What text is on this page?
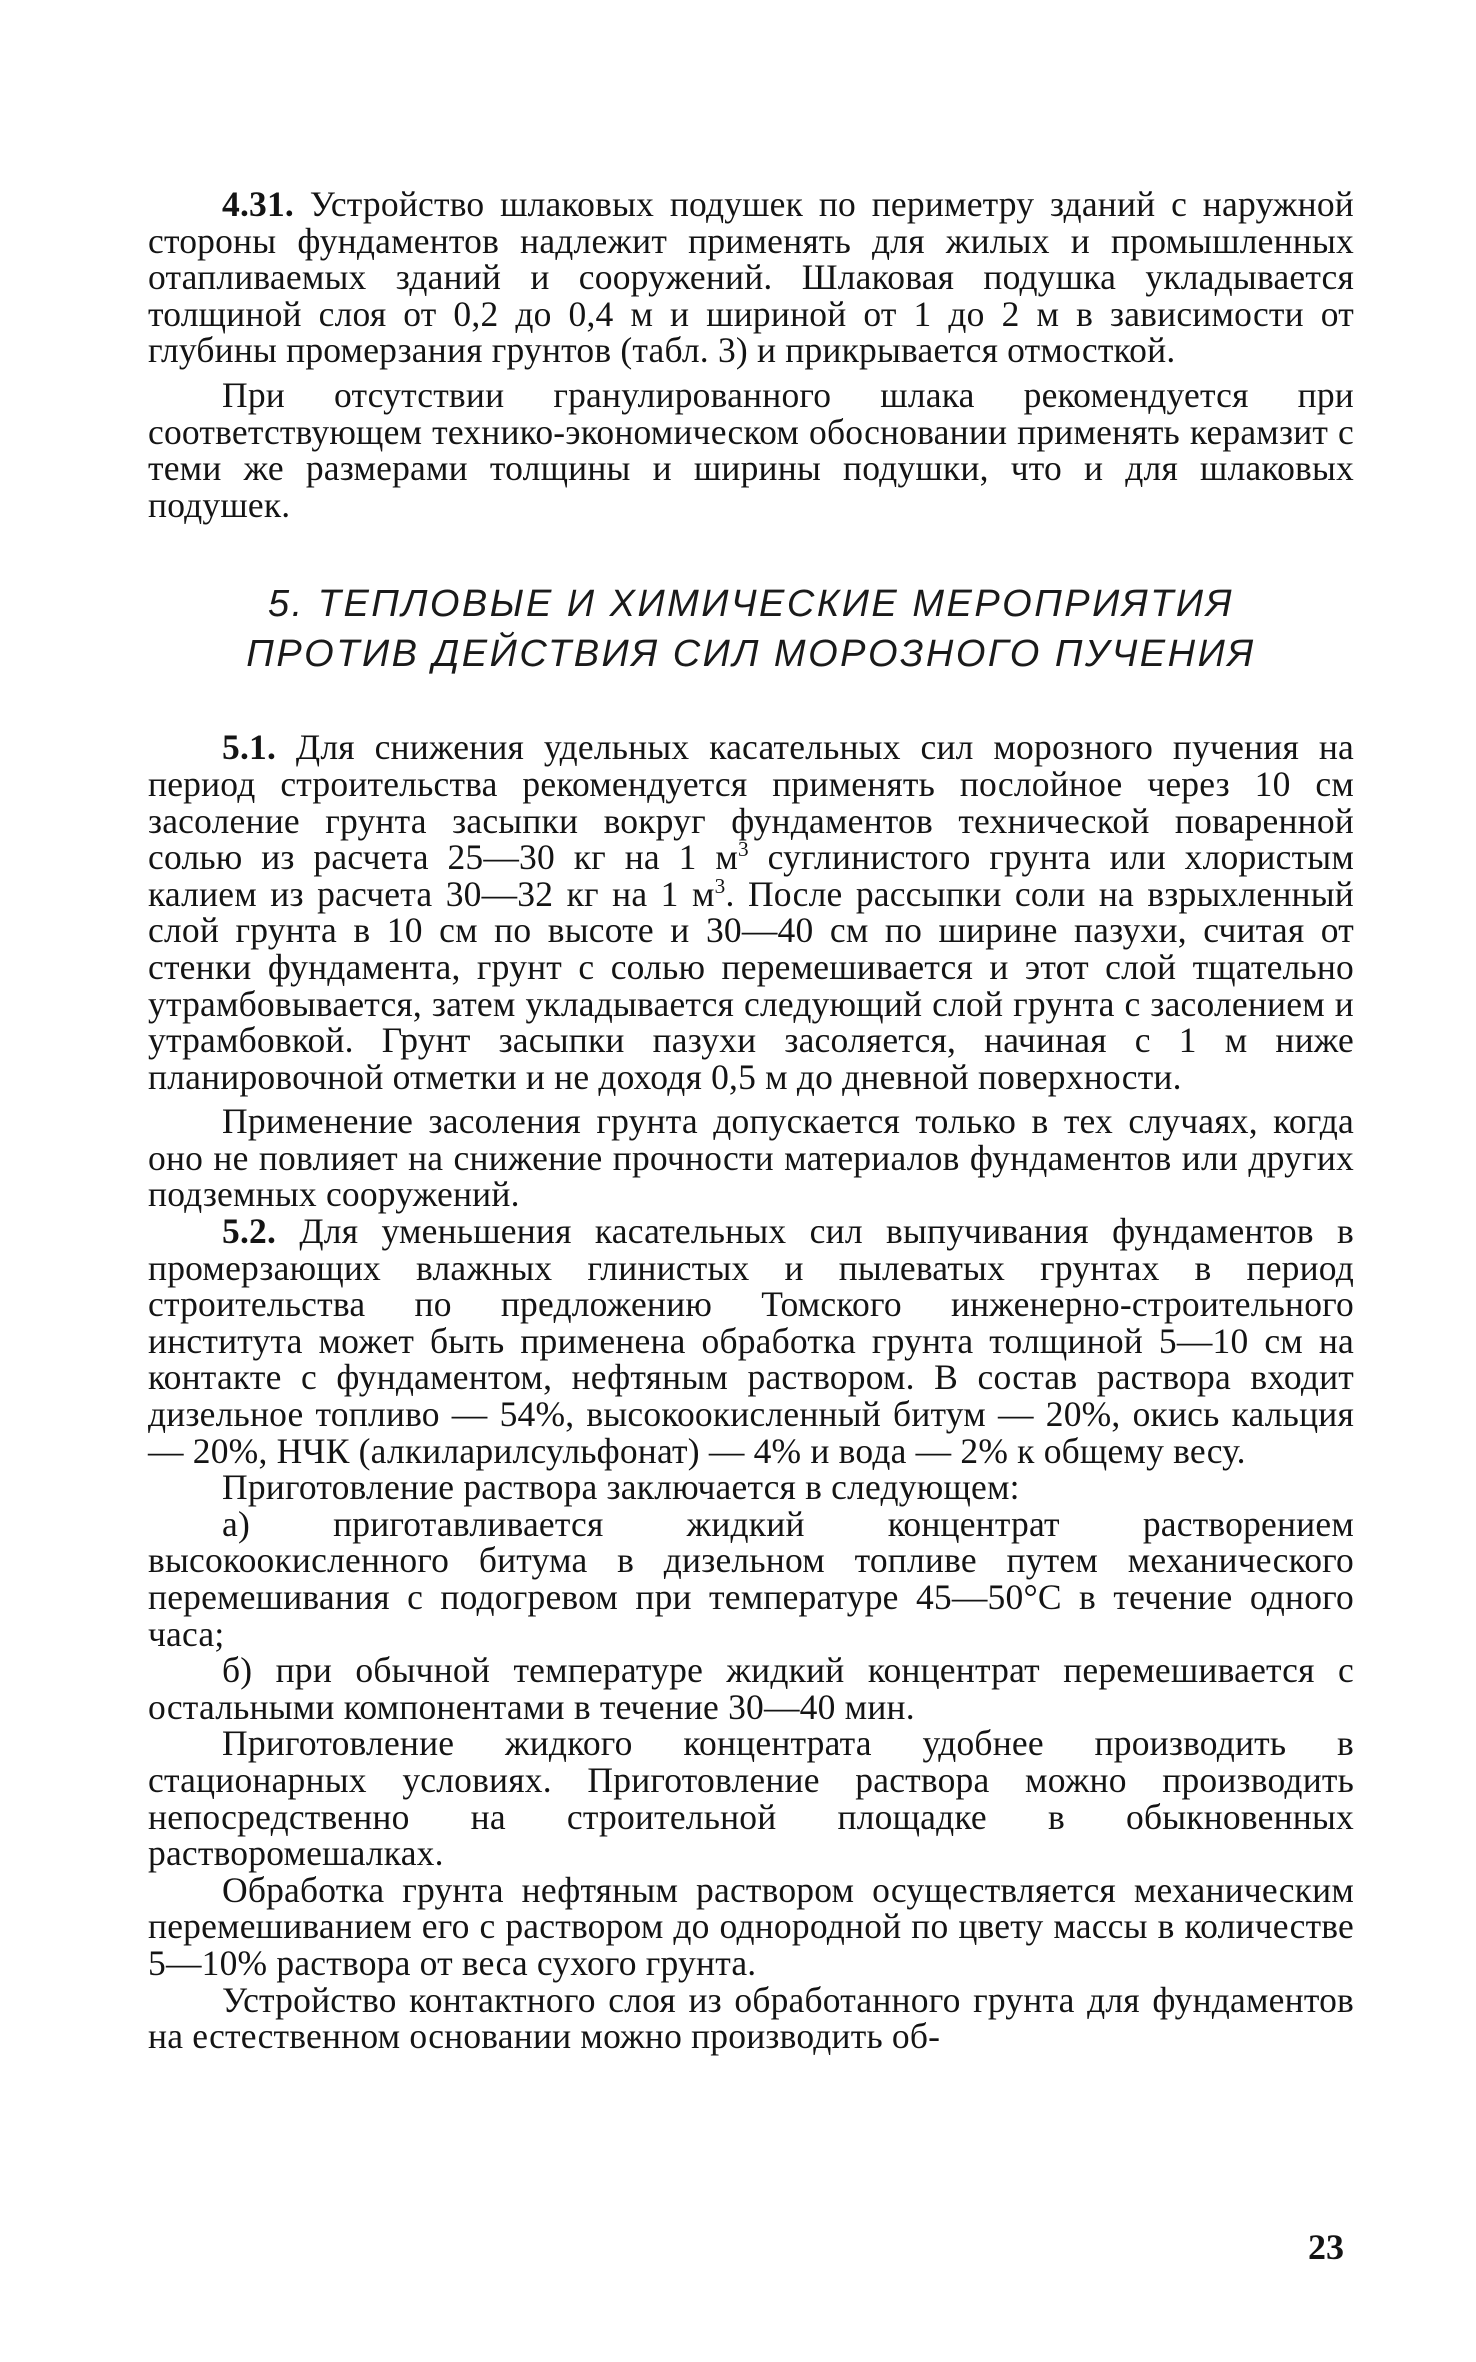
4.31. Устройство шлаковых подушек по периметру зданий с наружной стороны фундаментов надлежит применять для жилых и промышленных отапливаемых зданий и сооружений. Шлаковая подушка укладывается толщиной слоя от 0,2 до 0,4 м и шириной от 1 до 2 м в зависимости от глубины промерзания грунтов (табл. 3) и прикрывается отмосткой.

При отсутствии гранулированного шлака рекомендуется при соответствующем технико-экономическом обосновании применять керамзит с теми же размерами толщины и ширины подушки, что и для шлаковых подушек.

5. ТЕПЛОВЫЕ И ХИМИЧЕСКИЕ МЕРОПРИЯТИЯ
ПРОТИВ ДЕЙСТВИЯ СИЛ МОРОЗНОГО ПУЧЕНИЯ

5.1. Для снижения удельных касательных сил морозного пучения на период строительства рекомендуется применять послойное через 10 см засоление грунта засыпки вокруг фундаментов технической поваренной солью из расчета 25—30 кг на 1 $м^3$ суглинистого грунта или хлористым калием из расчета 30—32 кг на 1 $м^3$. После рассыпки соли на взрыхленный слой грунта в 10 см по высоте и 30—40 см по ширине пазухи, считая от стенки фундамента, грунт с солью перемешивается и этот слой тщательно утрамбовывается, затем укладывается следующий слой грунта с засолением и утрамбовкой. Грунт засыпки пазухи засоляется, начиная с 1 м ниже планировочной отметки и не доходя 0,5 м до дневной поверхности.

Применение засоления грунта допускается только в тех случаях, когда оно не повлияет на снижение прочности материалов фундаментов или других подземных сооружений.

5.2. Для уменьшения касательных сил выпучивания фундаментов в промерзающих влажных глинистых и пылеватых грунтах в период строительства по предложению Томского инженерно-строительного института может быть применена обработка грунта толщиной 5—10 см на контакте с фундаментом, нефтяным раствором. В состав раствора входит дизельное топливо — 54%, высокоокисленный битум — 20%, окись кальция — 20%, НЧК (алкиларилсульфонат) — 4% и вода — 2% к общему весу.

Приготовление раствора заключается в следующем:

а) приготавливается жидкий концентрат растворением высокоокисленного битума в дизельном топливе путем механического перемешивания с подогревом при температуре 45—50°С в течение одного часа;

б) при обычной температуре жидкий концентрат перемешивается с остальными компонентами в течение 30—40 мин.

Приготовление жидкого концентрата удобнее производить в стационарных условиях. Приготовление раствора можно производить непосредственно на строительной площадке в обыкновенных растворомешалках.

Обработка грунта нефтяным раствором осуществляется механическим перемешиванием его с раствором до однородной по цвету массы в количестве 5—10% раствора от веса сухого грунта.

Устройство контактного слоя из обработанного грунта для фундаментов на естественном основании можно производить об-

23
